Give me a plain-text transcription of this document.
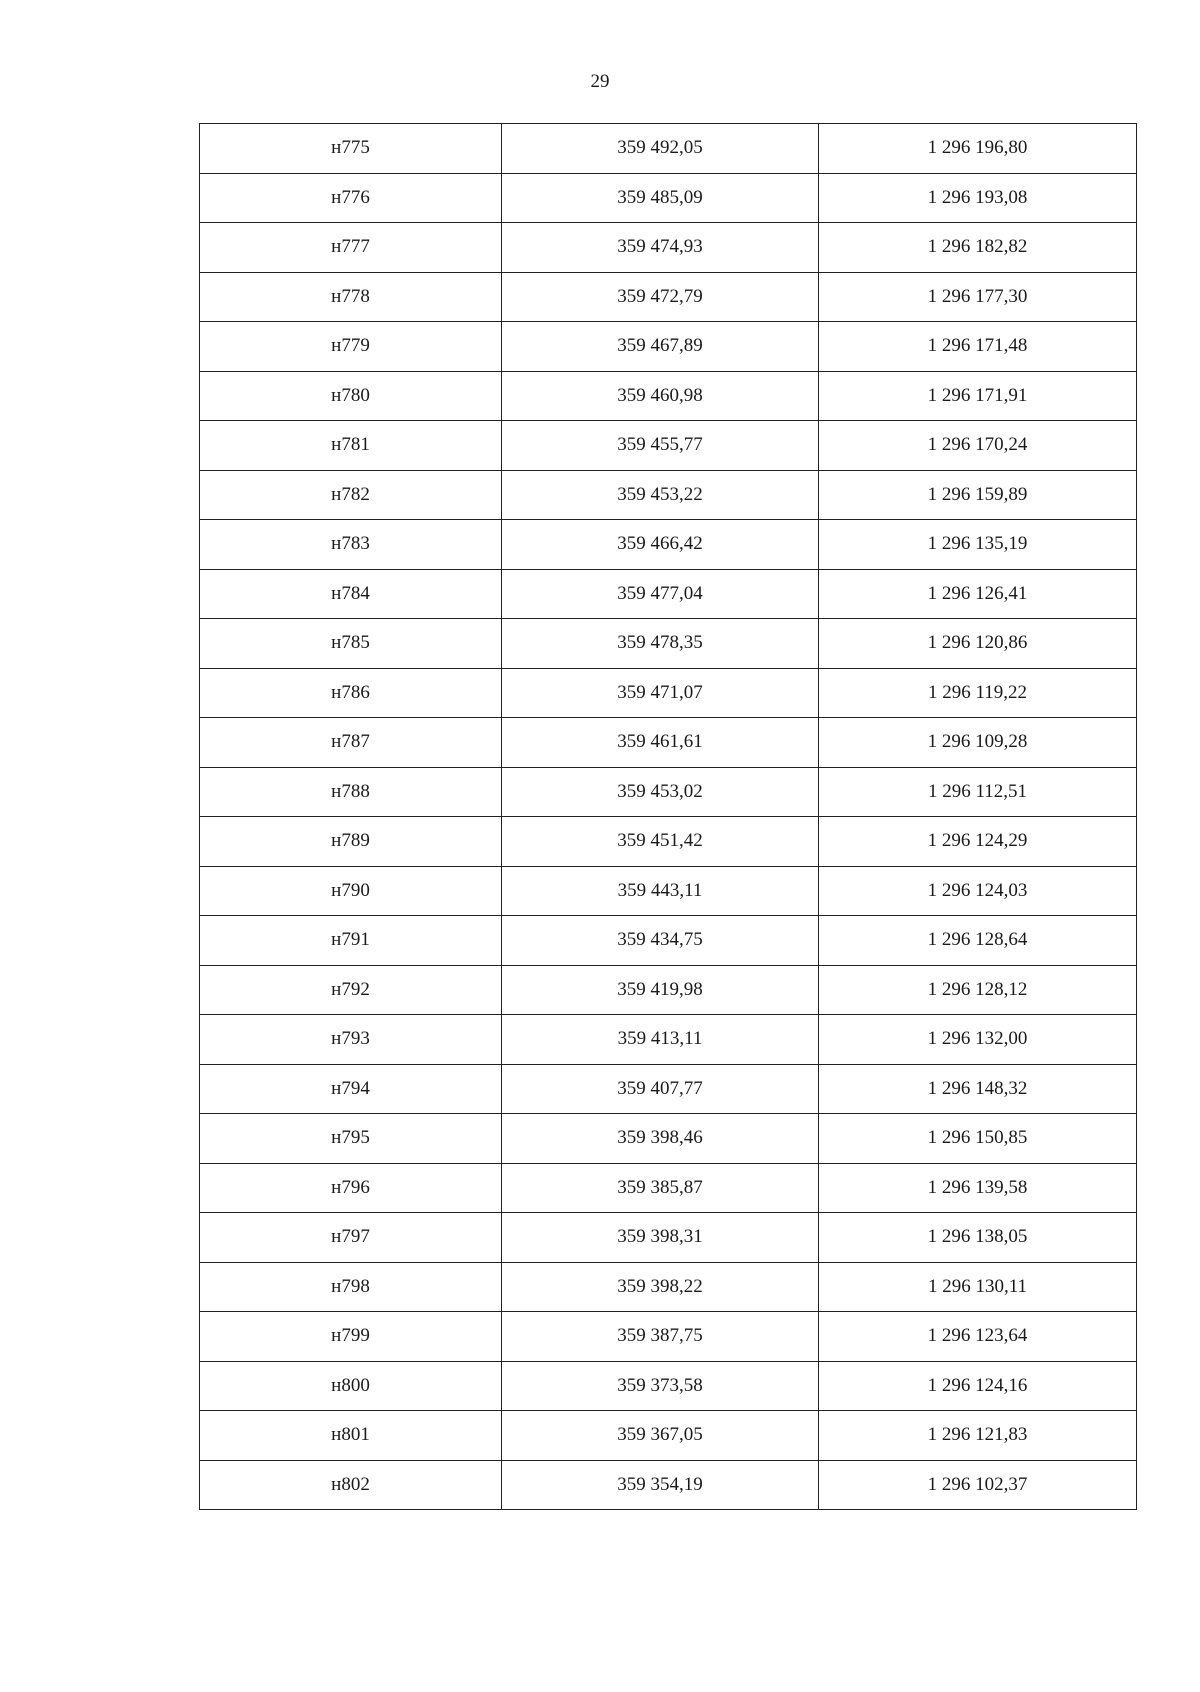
29
н775	359 492,05	1 296 196,80
н776	359 485,09	1 296 193,08
н777	359 474,93	1 296 182,82
н778	359 472,79	1 296 177,30
н779	359 467,89	1 296 171,48
н780	359 460,98	1 296 171,91
н781	359 455,77	1 296 170,24
н782	359 453,22	1 296 159,89
н783	359 466,42	1 296 135,19
н784	359 477,04	1 296 126,41
н785	359 478,35	1 296 120,86
н786	359 471,07	1 296 119,22
н787	359 461,61	1 296 109,28
н788	359 453,02	1 296 112,51
н789	359 451,42	1 296 124,29
н790	359 443,11	1 296 124,03
н791	359 434,75	1 296 128,64
н792	359 419,98	1 296 128,12
н793	359 413,11	1 296 132,00
н794	359 407,77	1 296 148,32
н795	359 398,46	1 296 150,85
н796	359 385,87	1 296 139,58
н797	359 398,31	1 296 138,05
н798	359 398,22	1 296 130,11
н799	359 387,75	1 296 123,64
н800	359 373,58	1 296 124,16
н801	359 367,05	1 296 121,83
н802	359 354,19	1 296 102,37
